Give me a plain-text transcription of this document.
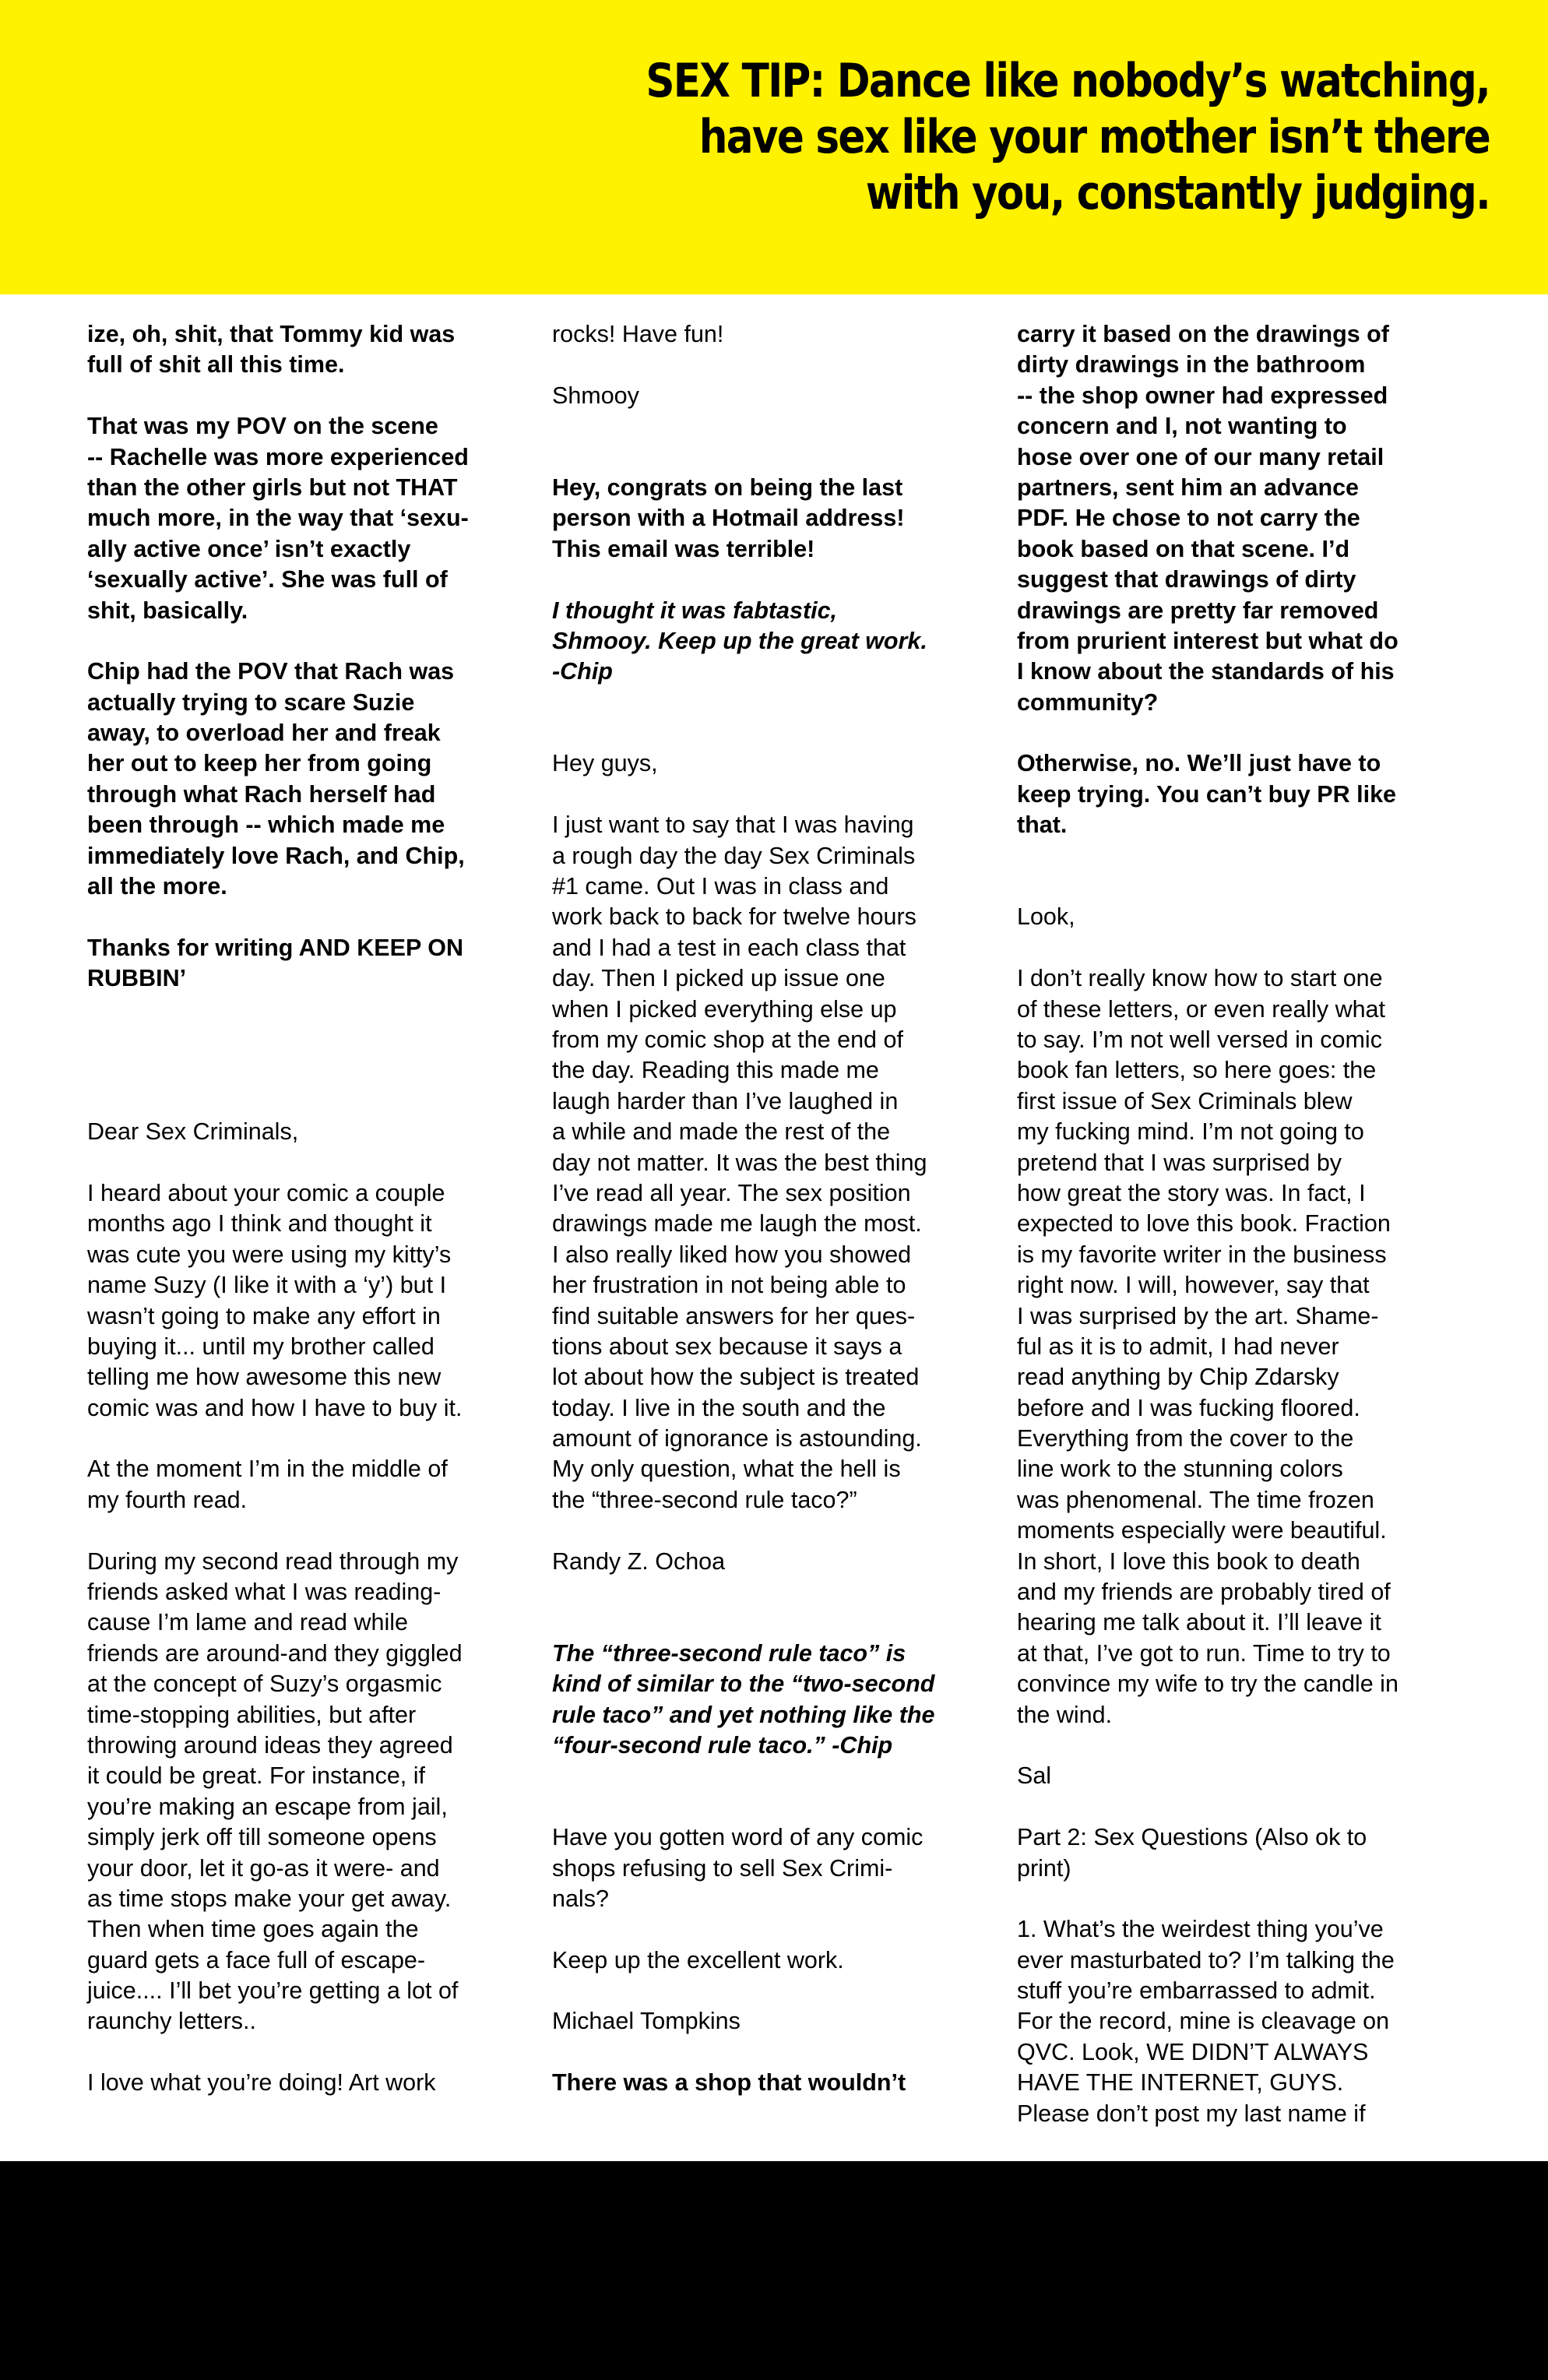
SEX TIP: Dance like nobody’s watching,
have sex like your mother isn’t there
with you, constantly judging.
ize, oh, shit, that Tommy kid was
full of shit all this time.
That was my POV on the scene
-- Rachelle was more experienced
than the other girls but not THAT
much more, in the way that ‘sexu-
ally active once’ isn’t exactly
‘sexually active’. She was full of
shit, basically.
Chip had the POV that Rach was
actually trying to scare Suzie
away, to overload her and freak
her out to keep her from going
through what Rach herself had
been through -- which made me
immediately love Rach, and Chip,
all the more.
Thanks for writing AND KEEP ON
RUBBIN’
Dear Sex Criminals,
I heard about your comic a couple
months ago I think and thought it
was cute you were using my kitty’s
name Suzy (I like it with a ‘y’) but I
wasn’t going to make any effort in
buying it... until my brother called
telling me how awesome this new
comic was and how I have to buy it.
At the moment I’m in the middle of
my fourth read.
During my second read through my
friends asked what I was reading-
cause I’m lame and read while
friends are around-and they giggled
at the concept of Suzy’s orgasmic
time-stopping abilities, but after
throwing around ideas they agreed
it could be great. For instance, if
you’re making an escape from jail,
simply jerk off till someone opens
your door, let it go-as it were- and
as time stops make your get away.
Then when time goes again the
guard gets a face full of escape-
juice.... I’ll bet you’re getting a lot of
raunchy letters..
I love what you’re doing! Art work
rocks! Have fun!
Shmooy
Hey, congrats on being the last
person with a Hotmail address!
This email was terrible!
I thought it was fabtastic,
Shmooy. Keep up the great work.
-Chip
Hey guys,
I just want to say that I was having
a rough day the day Sex Criminals
#1 came. Out I was in class and
work back to back for twelve hours
and I had a test in each class that
day. Then I picked up issue one
when I picked everything else up
from my comic shop at the end of
the day. Reading this made me
laugh harder than I’ve laughed in
a while and made the rest of the
day not matter. It was the best thing
I’ve read all year. The sex position
drawings made me laugh the most.
I also really liked how you showed
her frustration in not being able to
find suitable answers for her ques-
tions about sex because it says a
lot about how the subject is treated
today. I live in the south and the
amount of ignorance is astounding.
My only question, what the hell is
the “three-second rule taco?”
Randy Z. Ochoa
The “three-second rule taco” is
kind of similar to the “two-second
rule taco” and yet nothing like the
“four-second rule taco.” -Chip
Have you gotten word of any comic
shops refusing to sell Sex Crimi-
nals?
Keep up the excellent work.
Michael Tompkins
There was a shop that wouldn’t
carry it based on the drawings of
dirty drawings in the bathroom
-- the shop owner had expressed
concern and I, not wanting to
hose over one of our many retail
partners, sent him an advance
PDF. He chose to not carry the
book based on that scene. I’d
suggest that drawings of dirty
drawings are pretty far removed
from prurient interest but what do
I know about the standards of his
community?
Otherwise, no. We’ll just have to
keep trying. You can’t buy PR like
that.
Look,
I don’t really know how to start one
of these letters, or even really what
to say. I’m not well versed in comic
book fan letters, so here goes: the
first issue of Sex Criminals blew
my fucking mind. I’m not going to
pretend that I was surprised by
how great the story was. In fact, I
expected to love this book. Fraction
is my favorite writer in the business
right now. I will, however, say that
I was surprised by the art. Shame-
ful as it is to admit, I had never
read anything by Chip Zdarsky
before and I was fucking floored.
Everything from the cover to the
line work to the stunning colors
was phenomenal. The time frozen
moments especially were beautiful.
In short, I love this book to death
and my friends are probably tired of
hearing me talk about it. I’ll leave it
at that, I’ve got to run. Time to try to
convince my wife to try the candle in
the wind.
Sal
Part 2: Sex Questions (Also ok to
print)
1. What’s the weirdest thing you’ve
ever masturbated to? I’m talking the
stuff you’re embarrassed to admit.
For the record, mine is cleavage on
QVC. Look, WE DIDN’T ALWAYS
HAVE THE INTERNET, GUYS.
Please don’t post my last name if
